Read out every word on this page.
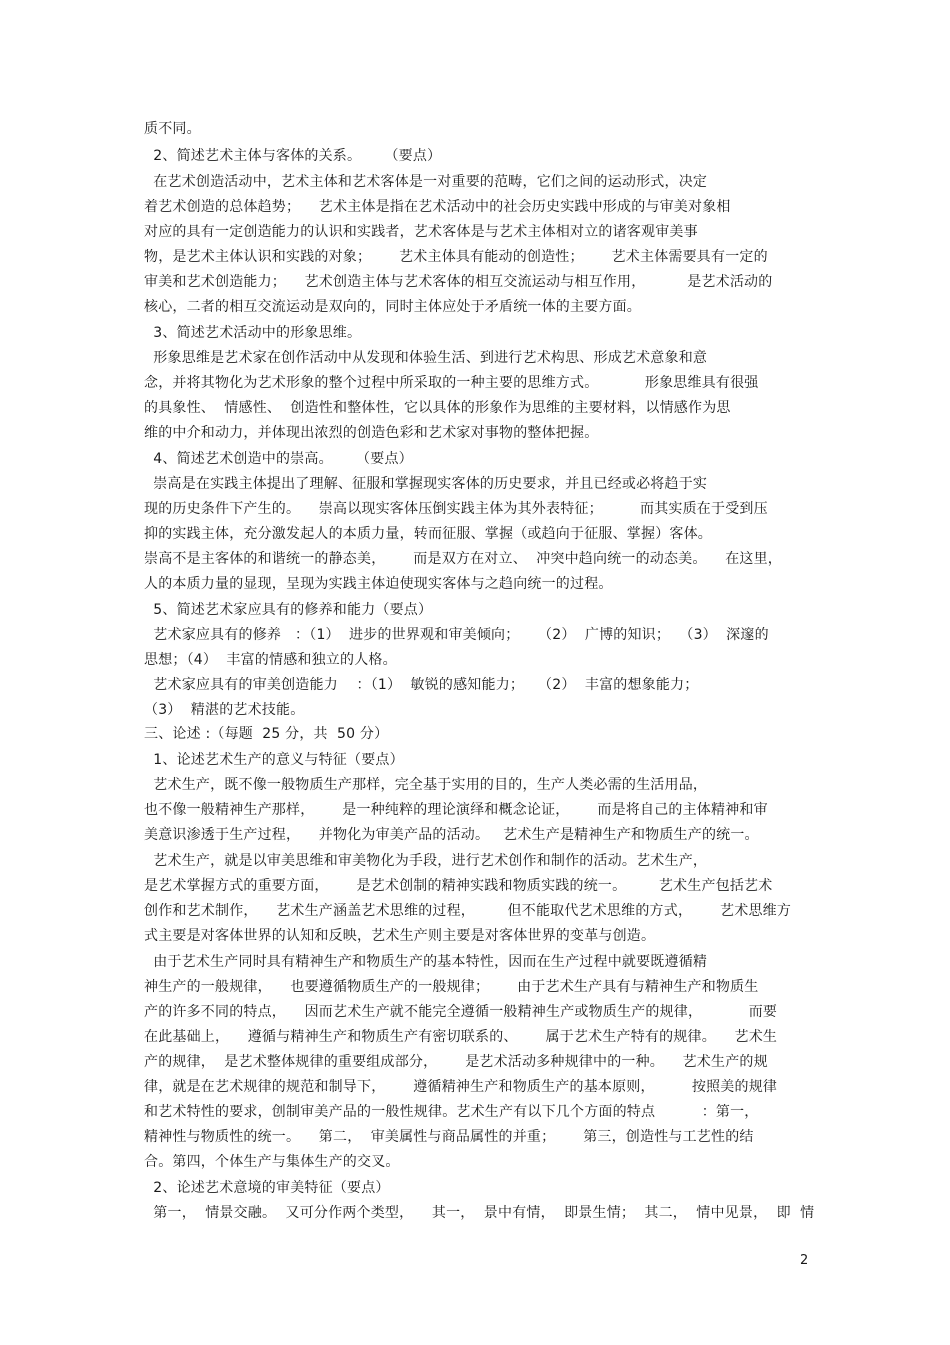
质不同。
2、简述艺术主体与客体的关系。     （要点）
在艺术创造活动中，艺术主体和艺术客体是一对重要的范畴，它们之间的运动形式，决定
着艺术创造的总体趋势；    艺术主体是指在艺术活动中的社会历史实践中形成的与审美对象相
对应的具有一定创造能力的认识和实践者，艺术客体是与艺术主体相对立的诸客观审美事
物，是艺术主体认识和实践的对象；      艺术主体具有能动的创造性；      艺术主体需要具有一定的
审美和艺术创造能力；    艺术创造主体与艺术客体的相互交流运动与相互作用，         是艺术活动的
核心，二者的相互交流运动是双向的，同时主体应处于矛盾统一体的主要方面。
3、简述艺术活动中的形象思维。
形象思维是艺术家在创作活动中从发现和体验生活、到进行艺术构思、形成艺术意象和意
念，并将其物化为艺术形象的整个过程中所采取的一种主要的思维方式。          形象思维具有很强
的具象性、  情感性、  创造性和整体性，它以具体的形象作为思维的主要材料，以情感作为思
维的中介和动力，并体现出浓烈的创造色彩和艺术家对事物的整体把握。
4、简述艺术创造中的崇高。     （要点）
崇高是在实践主体提出了理解、征服和掌握现实客体的历史要求，并且已经或必将趋于实
现的历史条件下产生的。    崇高以现实客体压倒实践主体为其外表特征；        而其实质在于受到压
抑的实践主体，充分激发起人的本质力量，转而征服、掌握（或趋向于征服、掌握）客体。
崇高不是主客体的和谐统一的静态美，      而是双方在对立、  冲突中趋向统一的动态美。    在这里，
人的本质力量的显现，呈现为实践主体迫使现实客体与之趋向统一的过程。
5、简述艺术家应具有的修养和能力（要点）
艺术家应具有的修养   ：（1）  进步的世界观和审美倾向；    （2）  广博的知识；  （3）  深邃的
思想；（4）  丰富的情感和独立的人格。
艺术家应具有的审美创造能力    ：（1）  敏锐的感知能力；   （2）  丰富的想象能力；
（3）  精湛的艺术技能。
三、论述 :（每题  25 分，共  50 分）
1、论述艺术生产的意义与特征（要点）
艺术生产，既不像一般物质生产那样，完全基于实用的目的，生产人类必需的生活用品，
也不像一般精神生产那样，      是一种纯粹的理论演绎和概念论证，      而是将自己的主体精神和审
美意识渗透于生产过程，    并物化为审美产品的活动。   艺术生产是精神生产和物质生产的统一。
艺术生产，就是以审美思维和审美物化为手段，进行艺术创作和制作的活动。艺术生产，
是艺术掌握方式的重要方面，      是艺术创制的精神实践和物质实践的统一。       艺术生产包括艺术
创作和艺术制作，    艺术生产涵盖艺术思维的过程，       但不能取代艺术思维的方式，      艺术思维方
式主要是对客体世界的认知和反映，艺术生产则主要是对客体世界的变革与创造。
由于艺术生产同时具有精神生产和物质生产的基本特性，因而在生产过程中就要既遵循精
神生产的一般规律，    也要遵循物质生产的一般规律；      由于艺术生产具有与精神生产和物质生
产的许多不同的特点，    因而艺术生产就不能完全遵循一般精神生产或物质生产的规律，          而要
在此基础上，    遵循与精神生产和物质生产有密切联系的、      属于艺术生产特有的规律。    艺术生
产的规律，  是艺术整体规律的重要组成部分，      是艺术活动多种规律中的一种。    艺术生产的规
律，就是在艺术规律的规范和制导下，      遵循精神生产和物质生产的基本原则，        按照美的规律
和艺术特性的要求，创制审美产品的一般性规律。艺术生产有以下几个方面的特点          ：第一，
精神性与物质性的统一。    第二，  审美属性与商品属性的并重；      第三，创造性与工艺性的结
合。第四，个体生产与集体生产的交叉。
2、论述艺术意境的审美特征（要点）
第一，  情景交融。  又可分作两个类型，    其一，  景中有情，  即景生情；  其二，  情中见景，  即  情
2
